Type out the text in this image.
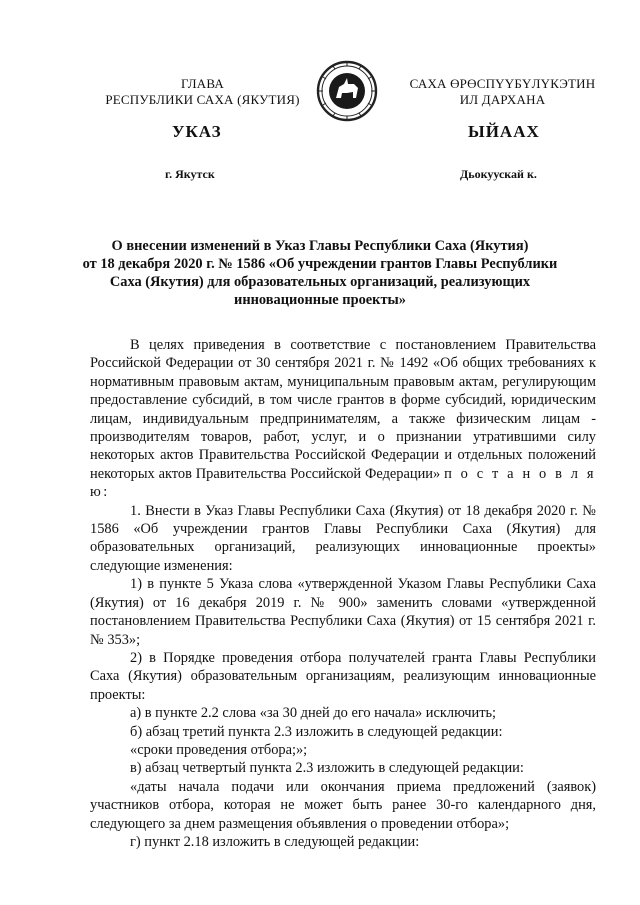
ГЛАВА
РЕСПУБЛИКИ САХА (ЯКУТИЯ)
САХА ӨРӨСПҮҮБҮЛҮКЭТИН
ИЛ ДАРХАНА
УКАЗ	ЫЙААХ
г. Якутск	Дьокуускай к.
О внесении изменений в Указ Главы Республики Саха (Якутия)
от 18 декабря 2020 г. № 1586 «Об учреждении грантов Главы Республики
Саха (Якутия) для образовательных организаций, реализующих
инновационные проекты»

В целях приведения в соответствие с постановлением Правительства Российской Федерации от 30 сентября 2021 г. № 1492 «Об общих требованиях к нормативным правовым актам, муниципальным правовым актам, регулирующим предоставление субсидий, в том числе грантов в форме субсидий, юридическим лицам, индивидуальным предпринимателям, а также физическим лицам - производителям товаров, работ, услуг, и о признании утратившими силу некоторых актов Правительства Российской Федерации и отдельных положений некоторых актов Правительства Российской Федерации» п о с т а н о в л я ю:

1. Внести в Указ Главы Республики Саха (Якутия) от 18 декабря 2020 г. № 1586 «Об учреждении грантов Главы Республики Саха (Якутия) для образовательных организаций, реализующих инновационные проекты» следующие изменения:

1) в пункте 5 Указа слова «утвержденной Указом Главы Республики Саха (Якутия) от 16 декабря 2019 г. № 900» заменить словами «утвержденной постановлением Правительства Республики Саха (Якутия) от 15 сентября 2021 г. № 353»;

2) в Порядке проведения отбора получателей гранта Главы Республики Саха (Якутия) образовательным организациям, реализующим инновационные проекты:

а) в пункте 2.2 слова «за 30 дней до его начала» исключить;

б) абзац третий пункта 2.3 изложить в следующей редакции:

«сроки проведения отбора;»;

в) абзац четвертый пункта 2.3 изложить в следующей редакции:

«даты начала подачи или окончания приема предложений (заявок) участников отбора, которая не может быть ранее 30-го календарного дня, следующего за днем размещения объявления о проведении отбора»;

г) пункт 2.18 изложить в следующей редакции:
